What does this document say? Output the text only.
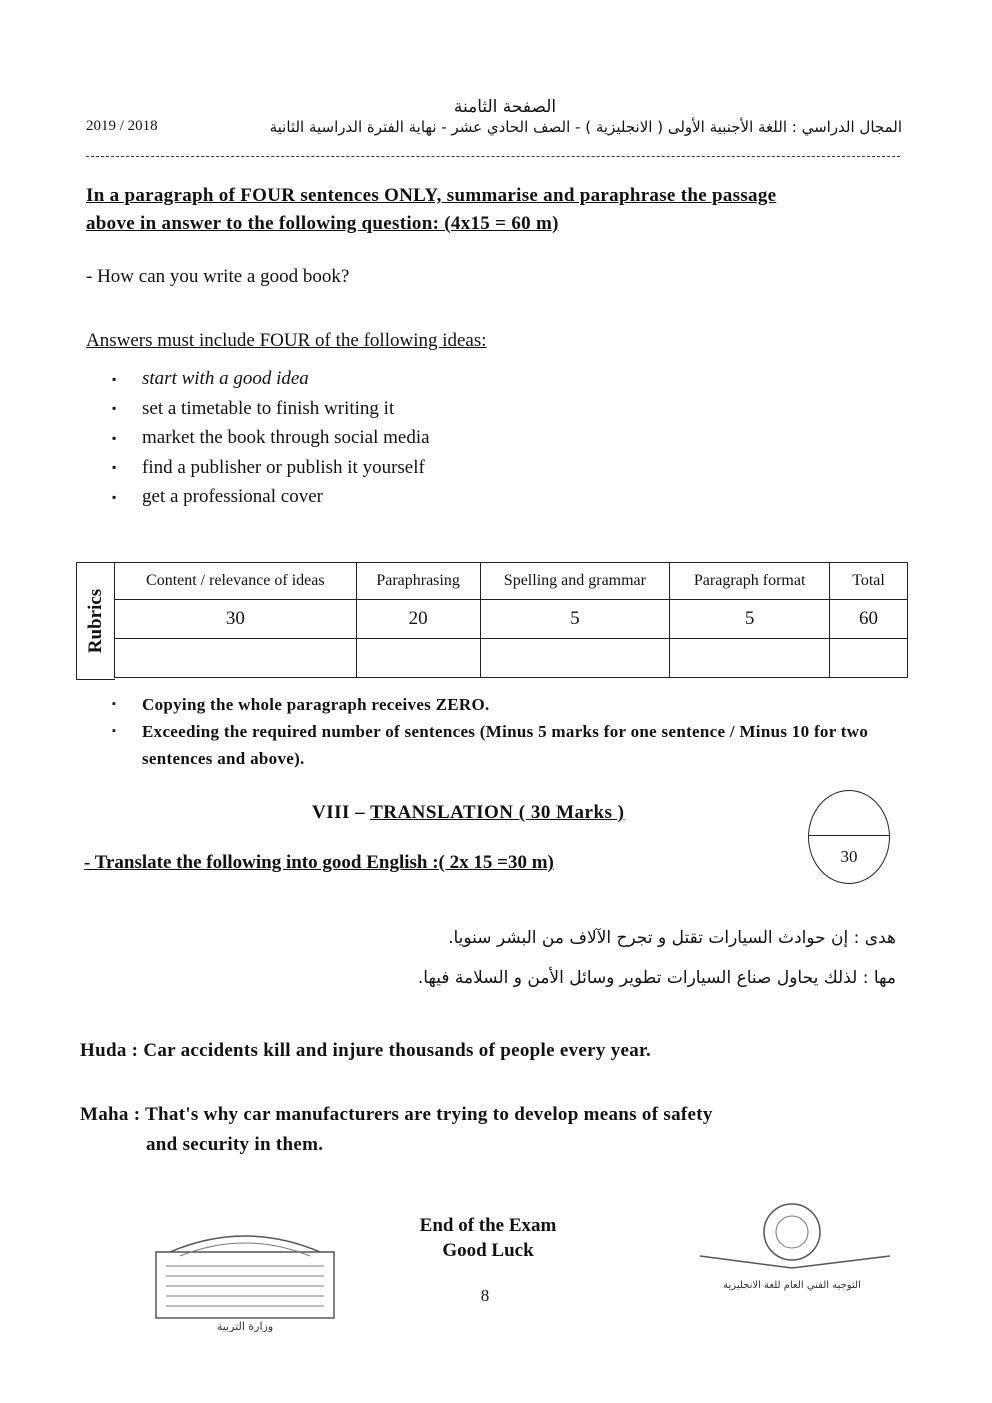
الصفحة الثامنة
2019 / 2018	المجال الدراسي : اللغة الأجنبية الأولى ( الانجليزية ) - الصف الحادي عشر - نهاية الفترة الدراسية الثانية
In a paragraph of FOUR sentences ONLY, summarise and paraphrase the passage
above in answer to the following question: (4x15 = 60 m)
- How can you write a good book?
Answers must include FOUR of the following ideas:
▪ start with a good idea
▪ set a timetable to finish writing it
▪ market the book through social media
▪ find a publisher or publish it yourself
▪ get a professional cover
Rubrics
Content / relevance of ideas	Paraphrasing	Spelling and grammar	Paragraph format	Total
30	20	5	5	60

▪ Copying the whole paragraph receives ZERO.
▪ Exceeding the required number of sentences (Minus 5 marks for one sentence / Minus 10 for two sentences and above).
VIII – TRANSLATION ( 30 Marks )
30
- Translate the following into good English :( 2x 15 =30 m)
هدى : إن حوادث السيارات تقتل و تجرح الآلاف من البشر سنويا.
مها : لذلك يحاول صناع السيارات تطوير وسائل الأمن و السلامة فيها.
Huda : Car accidents kill and injure thousands of people every year.
Maha : That's why car manufacturers are trying to develop means of safety
and security in them.
وزارة التربية
End of the Exam
Good Luck
8
التوجيه الفني العام للغة الانجليزية
